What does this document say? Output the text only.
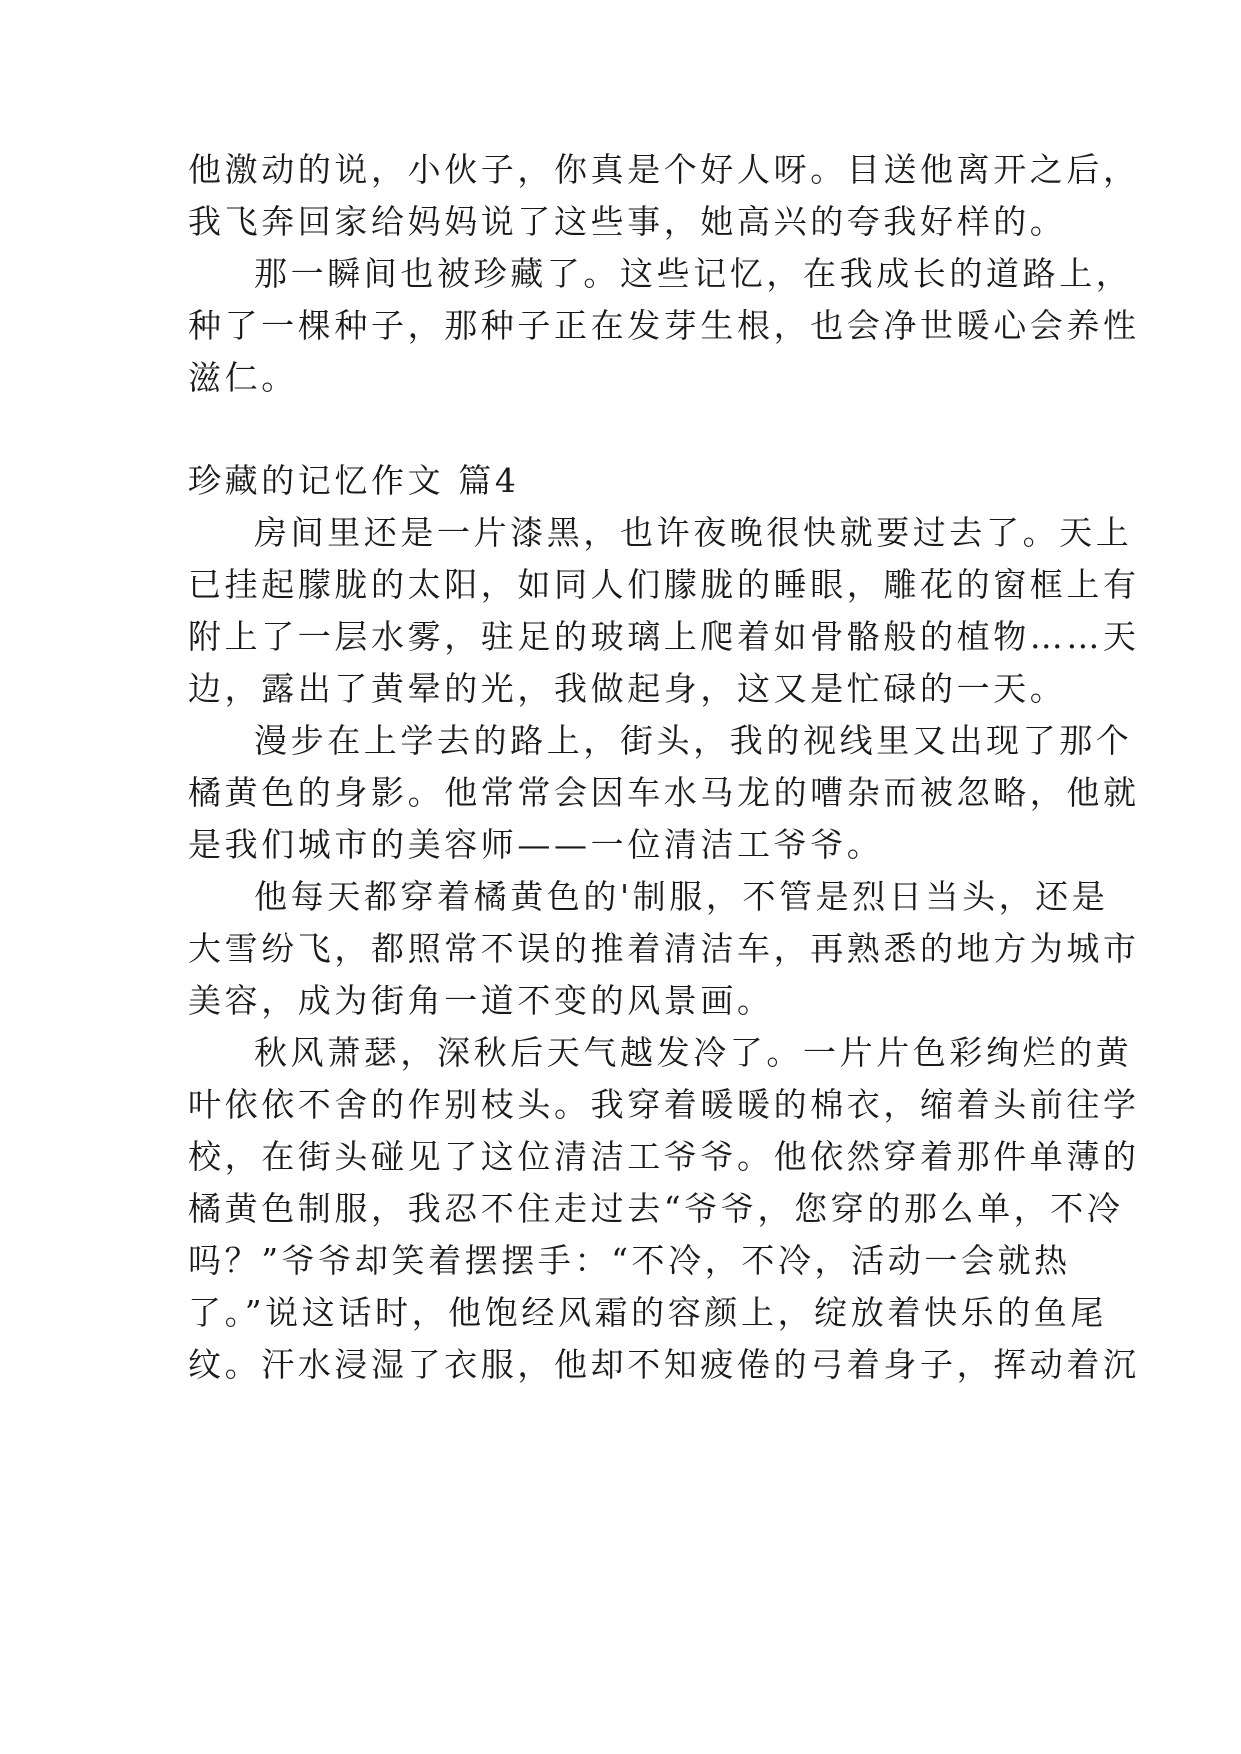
他激动的说，小伙子，你真是个好人呀。目送他离开之后，
我飞奔回家给妈妈说了这些事，她高兴的夸我好样的。
那一瞬间也被珍藏了。这些记忆，在我成长的道路上，
种了一棵种子，那种子正在发芽生根，也会净世暖心会养性
滋仁。
珍藏的记忆作文 篇4
房间里还是一片漆黑，也许夜晚很快就要过去了。天上
已挂起朦胧的太阳，如同人们朦胧的睡眼，雕花的窗框上有
附上了一层水雾，驻足的玻璃上爬着如骨骼般的植物……天
边，露出了黄晕的光，我做起身，这又是忙碌的一天。
漫步在上学去的路上，街头，我的视线里又出现了那个
橘黄色的身影。他常常会因车水马龙的嘈杂而被忽略，他就
是我们城市的美容师——一位清洁工爷爷。
他每天都穿着橘黄色的'制服，不管是烈日当头，还是
大雪纷飞，都照常不误的推着清洁车，再熟悉的地方为城市
美容，成为街角一道不变的风景画。
秋风萧瑟，深秋后天气越发冷了。一片片色彩绚烂的黄
叶依依不舍的作别枝头。我穿着暖暖的棉衣，缩着头前往学
校，在街头碰见了这位清洁工爷爷。他依然穿着那件单薄的
橘黄色制服，我忍不住走过去“爷爷，您穿的那么单，不冷
吗？”爷爷却笑着摆摆手：“不冷，不冷，活动一会就热
了。”说这话时，他饱经风霜的容颜上，绽放着快乐的鱼尾
纹。汗水浸湿了衣服，他却不知疲倦的弓着身子，挥动着沉
